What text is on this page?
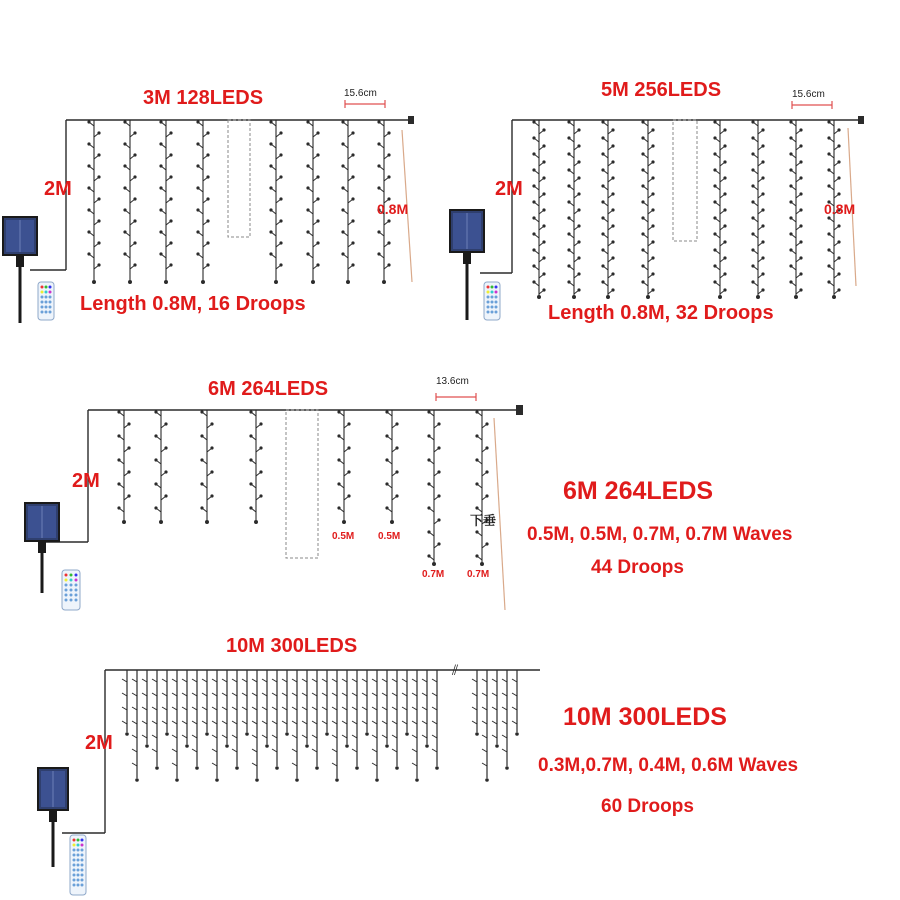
3M 128LEDS	15.6cm
2M
0.8M
Length 0.8M, 16 Droops
5M 256LEDS	15.6cm
2M
0.8M
Length 0.8M, 32 Droops
6M 264LEDS	13.6cm
2M
0.5M 0.5M
0.7M 0.7M
下垂
6M 264LEDS
0.5M, 0.5M, 0.7M, 0.7M Waves
44 Droops
⫽
10M 300LEDS
2M
10M 300LEDS
0.3M,0.7M, 0.4M, 0.6M Waves
60 Droops
